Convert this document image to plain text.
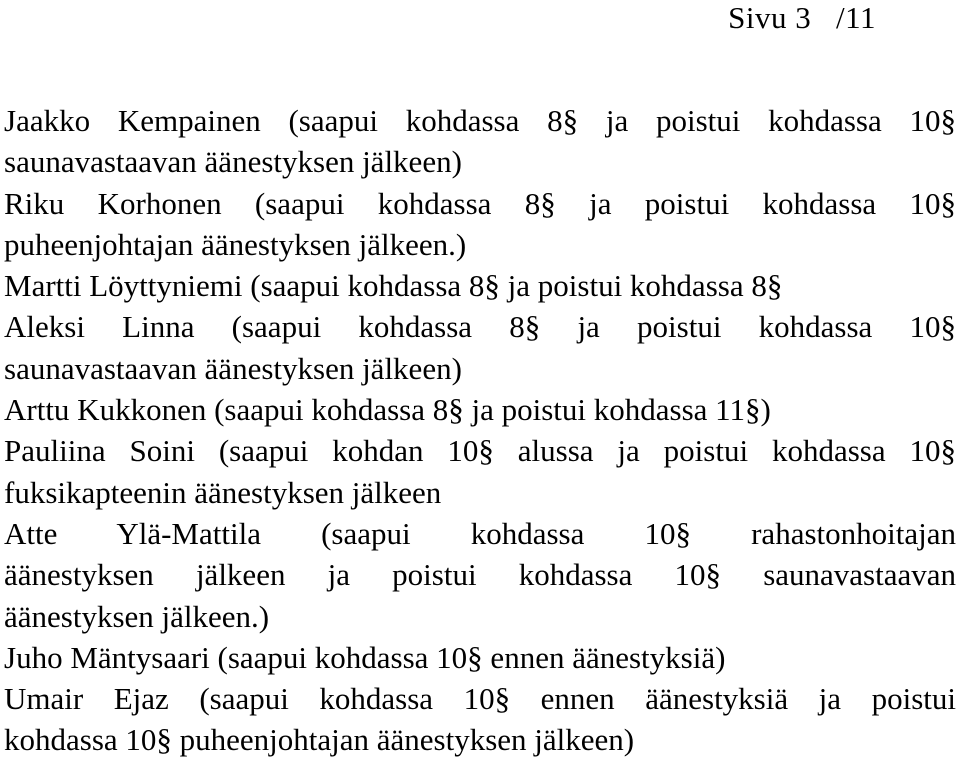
Sivu 3   /11
Jaakko Kempainen (saapui kohdassa 8§ ja poistui kohdassa 10§
saunavastaavan äänestyksen jälkeen)
Riku Korhonen (saapui kohdassa 8§ ja poistui kohdassa 10§
puheenjohtajan äänestyksen jälkeen.)
Martti Löyttyniemi (saapui kohdassa 8§ ja poistui kohdassa 8§
Aleksi Linna (saapui kohdassa 8§ ja poistui kohdassa 10§
saunavastaavan äänestyksen jälkeen)
Arttu Kukkonen (saapui kohdassa 8§ ja poistui kohdassa 11§)
Pauliina Soini (saapui kohdan 10§ alussa ja poistui kohdassa 10§
fuksikapteenin äänestyksen jälkeen
Atte Ylä-Mattila (saapui kohdassa 10§ rahastonhoitajan
äänestyksen jälkeen ja poistui kohdassa 10§ saunavastaavan
äänestyksen jälkeen.)
Juho Mäntysaari (saapui kohdassa 10§ ennen äänestyksiä)
Umair Ejaz (saapui kohdassa 10§ ennen äänestyksiä ja poistui
kohdassa 10§ puheenjohtajan äänestyksen jälkeen)
